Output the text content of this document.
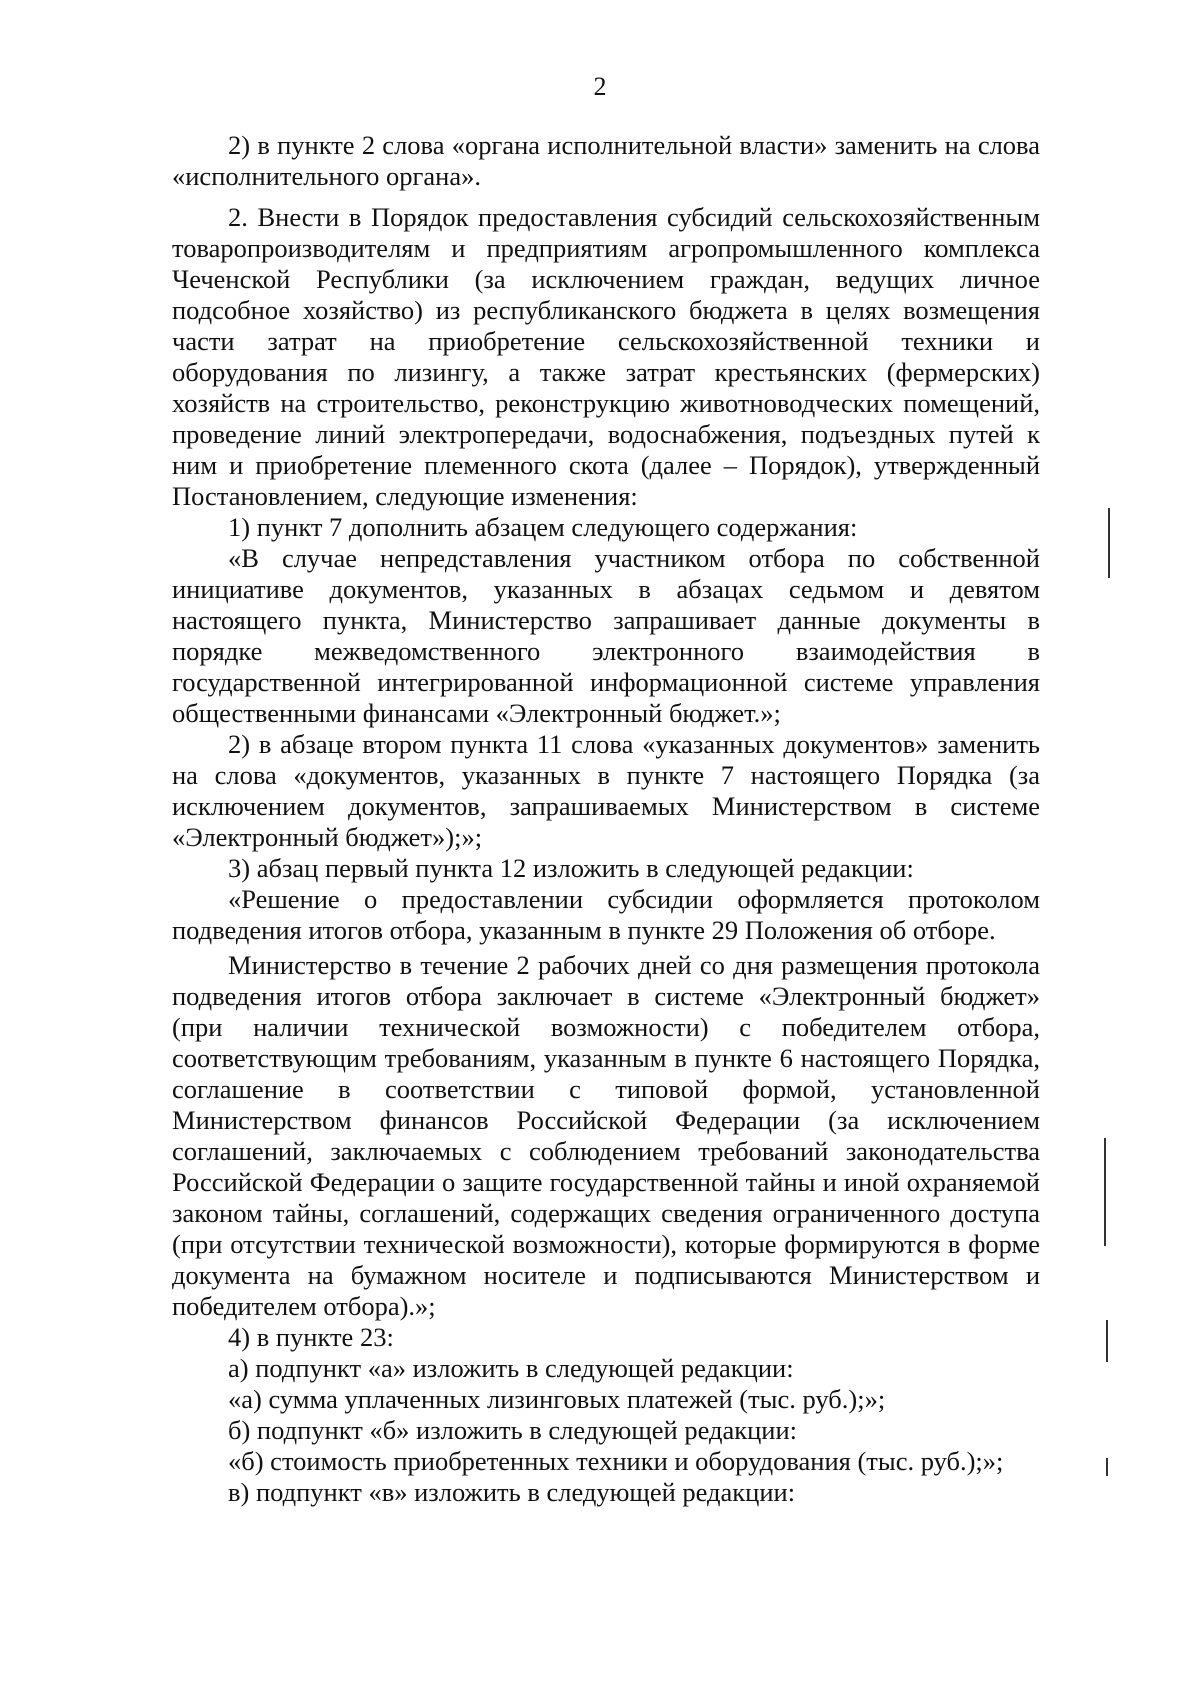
2

2) в пункте 2 слова «органа исполнительной власти» заменить на слова «исполнительного органа».

2. Внести в Порядок предоставления субсидий сельскохозяйственным товаропроизводителям и предприятиям агропромышленного комплекса Чеченской Республики (за исключением граждан, ведущих личное подсобное хозяйство) из республиканского бюджета в целях возмещения части затрат на приобретение сельскохозяйственной техники и оборудования по лизингу, а также затрат крестьянских (фермерских) хозяйств на строительство, реконструкцию животноводческих помещений, проведение линий электропередачи, водоснабжения, подъездных путей к ним и приобретение племенного скота (далее – Порядок), утвержденный Постановлением, следующие изменения:

1) пункт 7 дополнить абзацем следующего содержания:

«В случае непредставления участником отбора по собственной инициативе документов, указанных в абзацах седьмом и девятом настоящего пункта, Министерство запрашивает данные документы в порядке межведомственного электронного взаимодействия в государственной интегрированной информационной системе управления общественными финансами «Электронный бюджет.»;

2) в абзаце втором пункта 11 слова «указанных документов» заменить на слова «документов, указанных в пункте 7 настоящего Порядка (за исключением документов, запрашиваемых Министерством в системе «Электронный бюджет»);»;

3) абзац первый пункта 12 изложить в следующей редакции:

«Решение о предоставлении субсидии оформляется протоколом подведения итогов отбора, указанным в пункте 29 Положения об отборе.

Министерство в течение 2 рабочих дней со дня размещения протокола подведения итогов отбора заключает в системе «Электронный бюджет» (при наличии технической возможности) с победителем отбора, соответствующим требованиям, указанным в пункте 6 настоящего Порядка, соглашение в соответствии с типовой формой, установленной Министерством финансов Российской Федерации (за исключением соглашений, заключаемых с соблюдением требований законодательства Российской Федерации о защите государственной тайны и иной охраняемой законом тайны, соглашений, содержащих сведения ограниченного доступа (при отсутствии технической возможности), которые формируются в форме документа на бумажном носителе и подписываются Министерством и победителем отбора).»;

4) в пункте 23:

а) подпункт «а» изложить в следующей редакции:

«а) сумма уплаченных лизинговых платежей (тыс. руб.);»;

б) подпункт «б» изложить в следующей редакции:

«б) стоимость приобретенных техники и оборудования (тыс. руб.);»;

в) подпункт «в» изложить в следующей редакции:
